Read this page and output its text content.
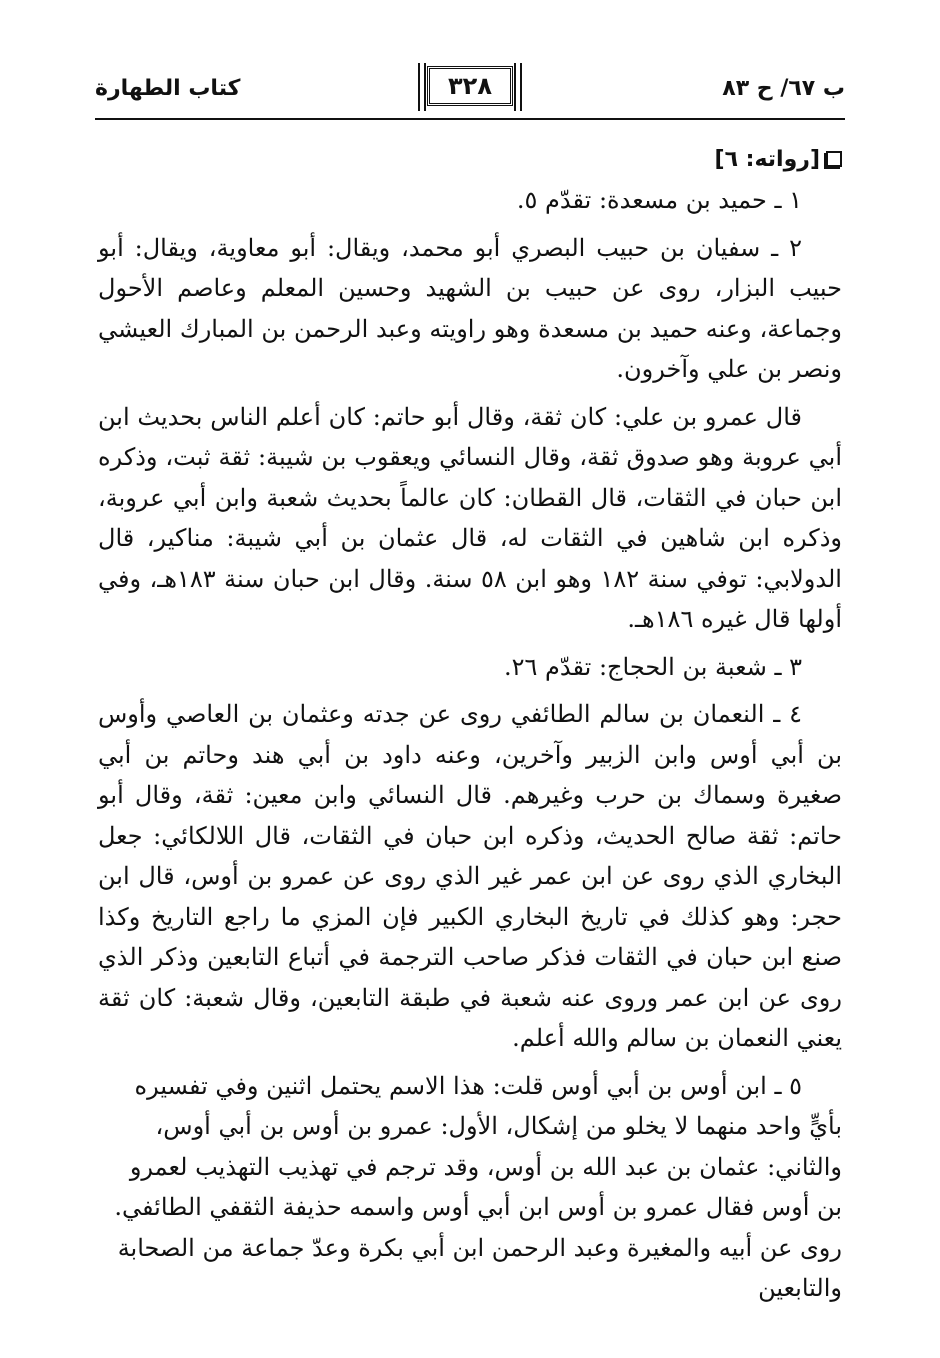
كتاب الطهارة	٣٢٨	ب ٦٧/ ح ٨٣
[رواته: ٦]

١ ـ حميد بن مسعدة: تقدّم ٥.

٢ ـ سفيان بن حبيب البصري أبو محمد، ويقال: أبو معاوية، ويقال: أبو حبيب البزار، روى عن حبيب بن الشهيد وحسين المعلم وعاصم الأحول وجماعة، وعنه حميد بن مسعدة وهو راويته وعبد الرحمن بن المبارك العيشي ونصر بن علي وآخرون.

قال عمرو بن علي: كان ثقة، وقال أبو حاتم: كان أعلم الناس بحديث ابن أبي عروبة وهو صدوق ثقة، وقال النسائي ويعقوب بن شيبة: ثقة ثبت، وذكره ابن حبان في الثقات، قال القطان: كان عالماً بحديث شعبة وابن أبي عروبة، وذكره ابن شاهين في الثقات له، قال عثمان بن أبي شيبة: مناكير، قال الدولابي: توفي سنة ١٨٢ وهو ابن ٥٨ سنة. وقال ابن حبان سنة ١٨٣هـ، وفي أولها قال غيره ١٨٦هـ.

٣ ـ شعبة بن الحجاج: تقدّم ٢٦.

٤ ـ النعمان بن سالم الطائفي روى عن جدته وعثمان بن العاصي وأوس بن أبي أوس وابن الزبير وآخرين، وعنه داود بن أبي هند وحاتم بن أبي صغيرة وسماك بن حرب وغيرهم. قال النسائي وابن معين: ثقة، وقال أبو حاتم: ثقة صالح الحديث، وذكره ابن حبان في الثقات، قال اللالكائي: جعل البخاري الذي روى عن ابن عمر غير الذي روى عن عمرو بن أوس، قال ابن حجر: وهو كذلك في تاريخ البخاري الكبير فإن المزي ما راجع التاريخ وكذا صنع ابن حبان في الثقات فذكر صاحب الترجمة في أتباع التابعين وذكر الذي روى عن ابن عمر وروى عنه شعبة في طبقة التابعين، وقال شعبة: كان ثقة يعني النعمان بن سالم والله أعلم.

٥ ـ ابن أوس بن أبي أوس قلت: هذا الاسم يحتمل اثنين وفي تفسيره بأيٍّ واحد منهما لا يخلو من إشكال، الأول: عمرو بن أوس بن أبي أوس، والثاني: عثمان بن عبد الله بن أوس، وقد ترجم في تهذيب التهذيب لعمرو بن أوس فقال عمرو بن أوس ابن أبي أوس واسمه حذيفة الثقفي الطائفي. روى عن أبيه والمغيرة وعبد الرحمن ابن أبي بكرة وعدّ جماعة من الصحابة والتابعين
